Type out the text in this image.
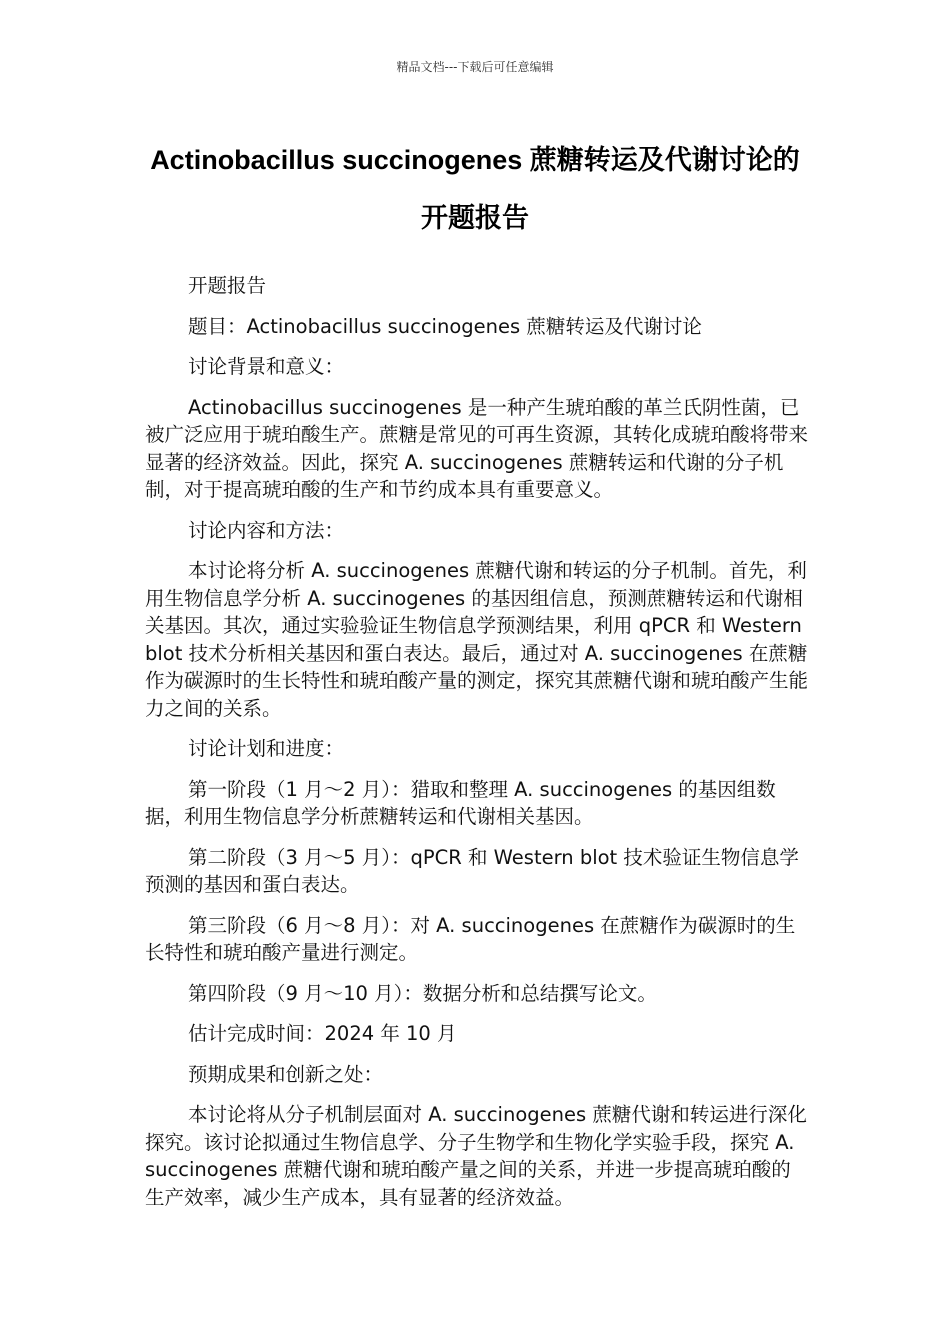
精品文档---下载后可任意编辑
Actinobacillus succinogenes 蔗糖转运及代谢讨论的
开题报告

开题报告

题目：Actinobacillus succinogenes 蔗糖转运及代谢讨论

讨论背景和意义：

Actinobacillus succinogenes 是一种产生琥珀酸的革兰氏阴性菌，已被广泛应用于琥珀酸生产。蔗糖是常见的可再生资源，其转化成琥珀酸将带来显著的经济效益。因此，探究 A. succinogenes 蔗糖转运和代谢的分子机制，对于提高琥珀酸的生产和节约成本具有重要意义。

讨论内容和方法：

本讨论将分析 A. succinogenes 蔗糖代谢和转运的分子机制。首先，利用生物信息学分析 A. succinogenes 的基因组信息，预测蔗糖转运和代谢相关基因。其次，通过实验验证生物信息学预测结果，利用 qPCR 和 Western blot 技术分析相关基因和蛋白表达。最后，通过对 A. succinogenes 在蔗糖作为碳源时的生长特性和琥珀酸产量的测定，探究其蔗糖代谢和琥珀酸产生能力之间的关系。

讨论计划和进度：

第一阶段（1 月～2 月）：猎取和整理 A. succinogenes 的基因组数据，利用生物信息学分析蔗糖转运和代谢相关基因。

第二阶段（3 月～5 月）：qPCR 和 Western blot 技术验证生物信息学预测的基因和蛋白表达。

第三阶段（6 月～8 月）：对 A. succinogenes 在蔗糖作为碳源时的生长特性和琥珀酸产量进行测定。

第四阶段（9 月～10 月）：数据分析和总结撰写论文。

估计完成时间：2024 年 10 月

预期成果和创新之处：

本讨论将从分子机制层面对 A. succinogenes 蔗糖代谢和转运进行深化探究。该讨论拟通过生物信息学、分子生物学和生物化学实验手段，探究 A. succinogenes 蔗糖代谢和琥珀酸产量之间的关系，并进一步提高琥珀酸的生产效率，减少生产成本，具有显著的经济效益。
